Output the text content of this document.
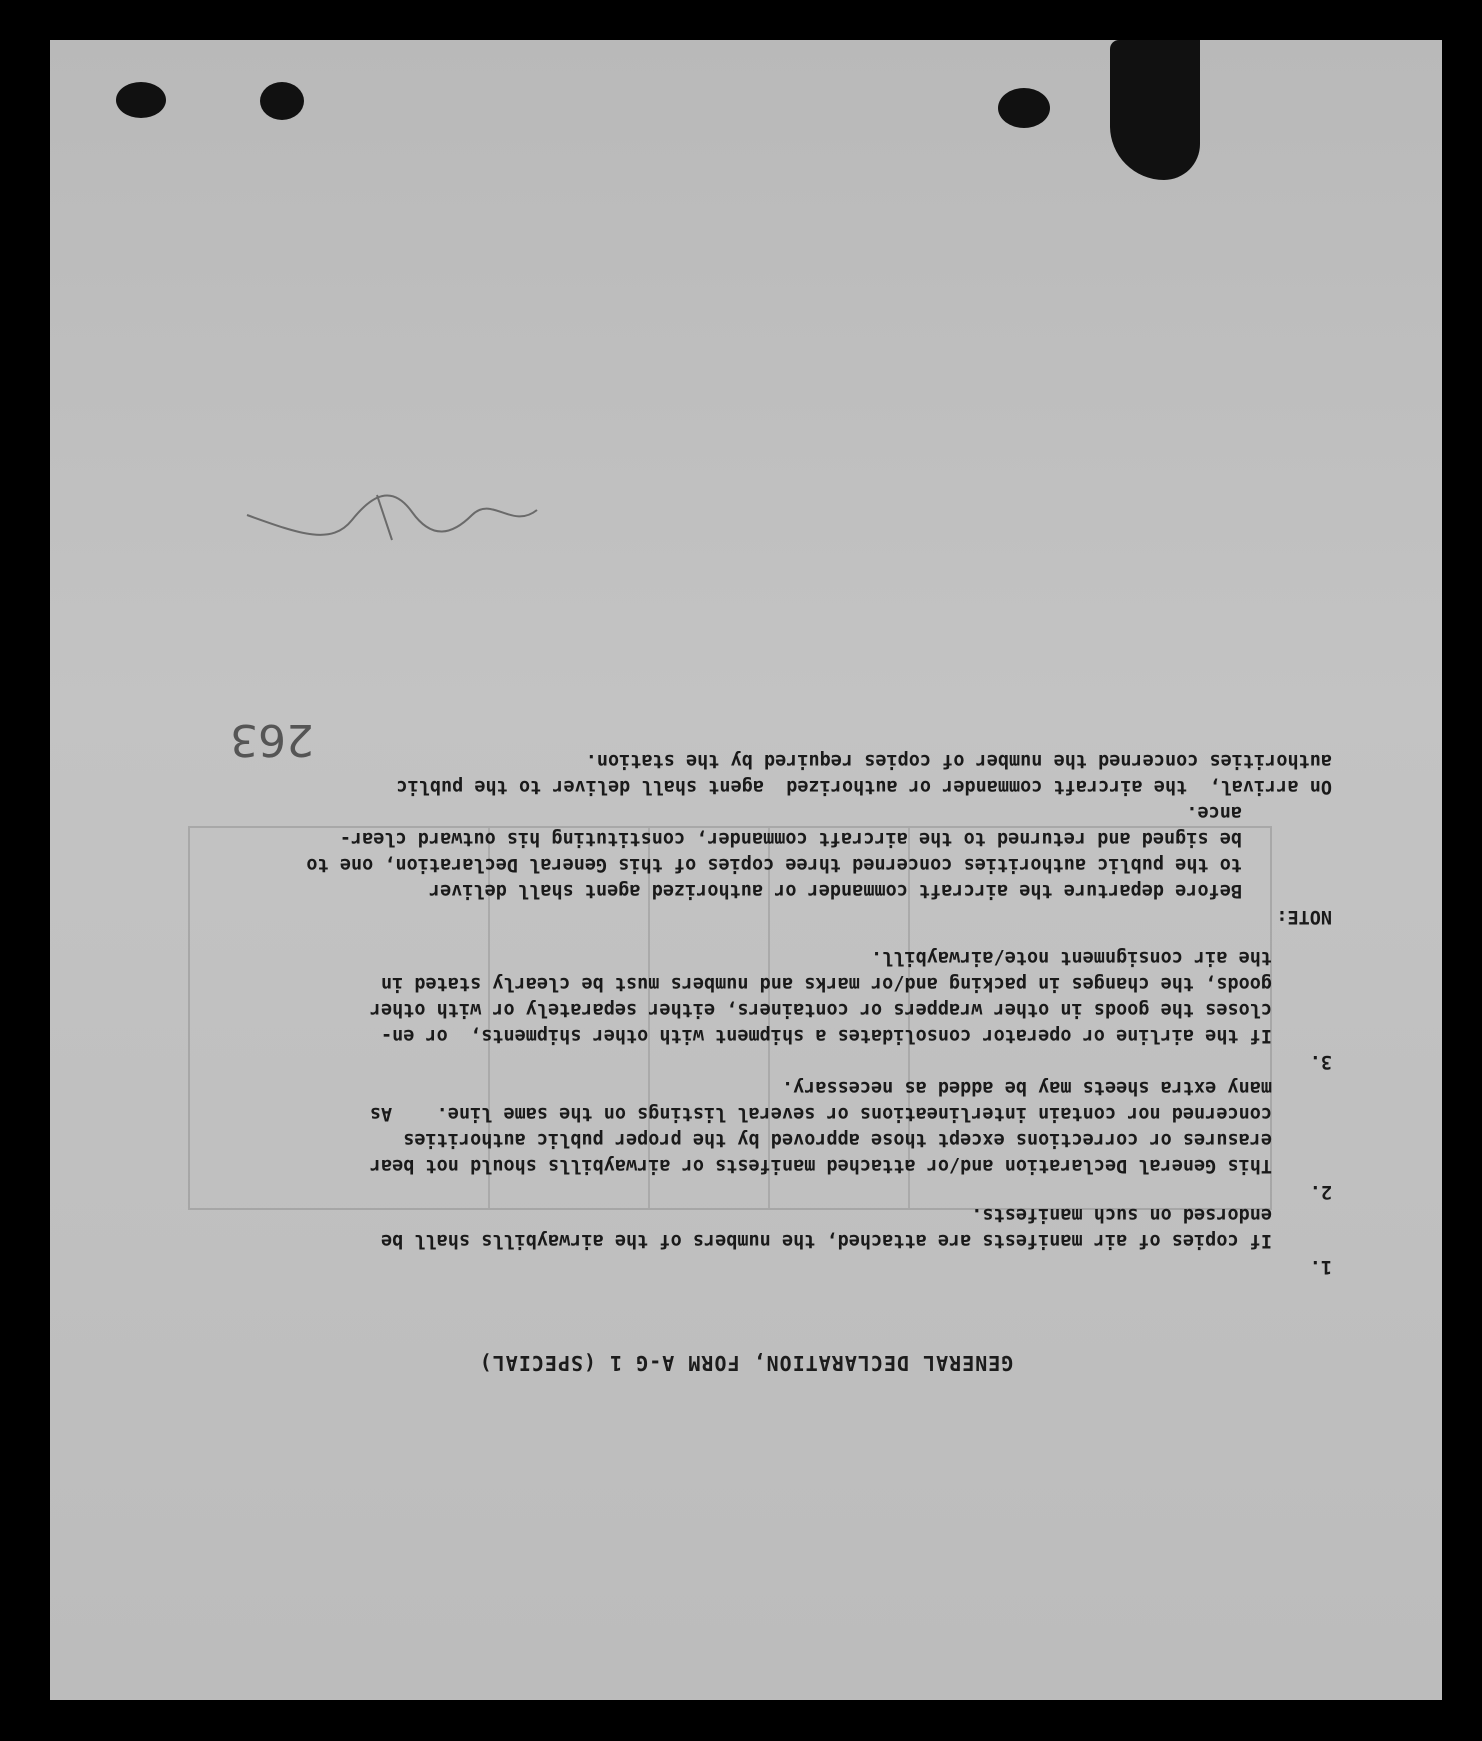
GENERAL DECLARATION, FORM A-G 1 (SPECIAL)

1.

If copies of air manifests are attached, the numbers of the airwaybills shall be
endorsed on such manifests.

2.

This General Declaration and/or attached manifests or airwaybills should not bear
erasures or corrections except those approved by the proper public authorities
concerned nor contain interlineations or several listings on the same line.    As
many extra sheets may be added as necessary.

3.

If the airline or operator consolidates a shipment with other shipments,  or en-
closes the goods in other wrappers or containers, either separately or with other
goods, the changes in packing and/or marks and numbers must be clearly stated in
the air consignment note/airwaybill.

NOTE:

Before departure the aircraft commander or authorized agent shall deliver
to the public authorities concerned three copies of this General Declaration, one to
be signed and returned to the aircraft commander, constituting his outward clear-
ance.

On arrival,  the aircraft commander or authorized  agent shall deliver to the public
authorities concerned the number of copies required by the station.

263
